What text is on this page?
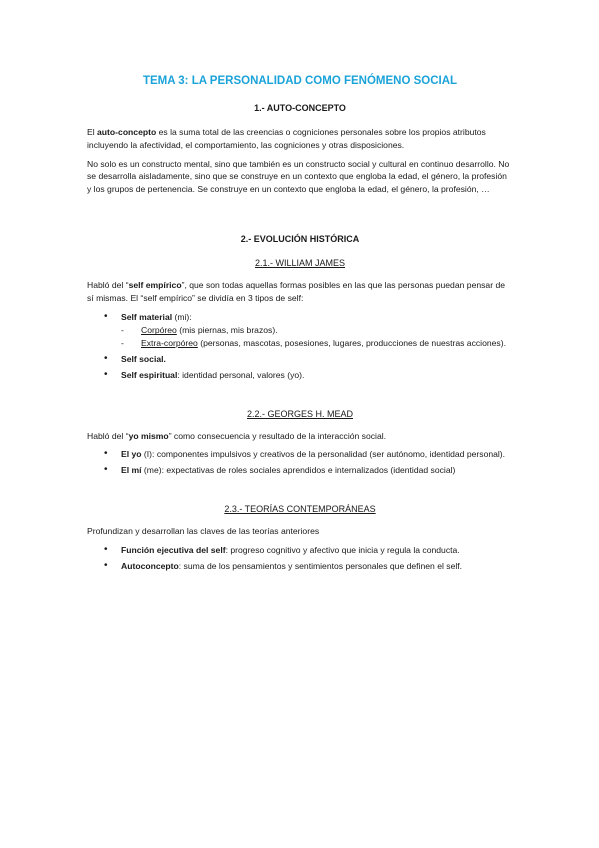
TEMA 3: LA PERSONALIDAD COMO FENÓMENO SOCIAL
1.- AUTO-CONCEPTO

El auto-concepto es la suma total de las creencias o cogniciones personales sobre los propios atributos incluyendo la afectividad, el comportamiento, las cogniciones y otras disposiciones.

No solo es un constructo mental, sino que también es un constructo social y cultural en continuo desarrollo. No se desarrolla aisladamente, sino que se construye en un contexto que engloba la edad, el género, la profesión y los grupos de pertenencia. Se construye en un contexto que engloba la edad, el género, la profesión, …

2.- EVOLUCIÓN HISTÓRICA
2.1.- WILLIAM JAMES

Habló del “self empírico”, que son todas aquellas formas posibles en las que las personas puedan pensar de sí mismas. El “self empírico” se dividía en 3 tipos de self:

• Self material (mi):
- Corpóreo (mis piernas, mis brazos).
- Extra-corpóreo (personas, mascotas, posesiones, lugares, producciones de nuestras acciones).
• Self social.
• Self espiritual: identidad personal, valores (yo).
2.2.- GEORGES H. MEAD

Habló del “yo mismo” como consecuencia y resultado de la interacción social.

• El yo (I): componentes impulsivos y creativos de la personalidad (ser autónomo, identidad personal).
• El mí (me): expectativas de roles sociales aprendidos e internalizados (identidad social)
2.3.- TEORÍAS CONTEMPORÁNEAS

Profundizan y desarrollan las claves de las teorías anteriores

• Función ejecutiva del self: progreso cognitivo y afectivo que inicia y regula la conducta.
• Autoconcepto: suma de los pensamientos y sentimientos personales que definen el self.
